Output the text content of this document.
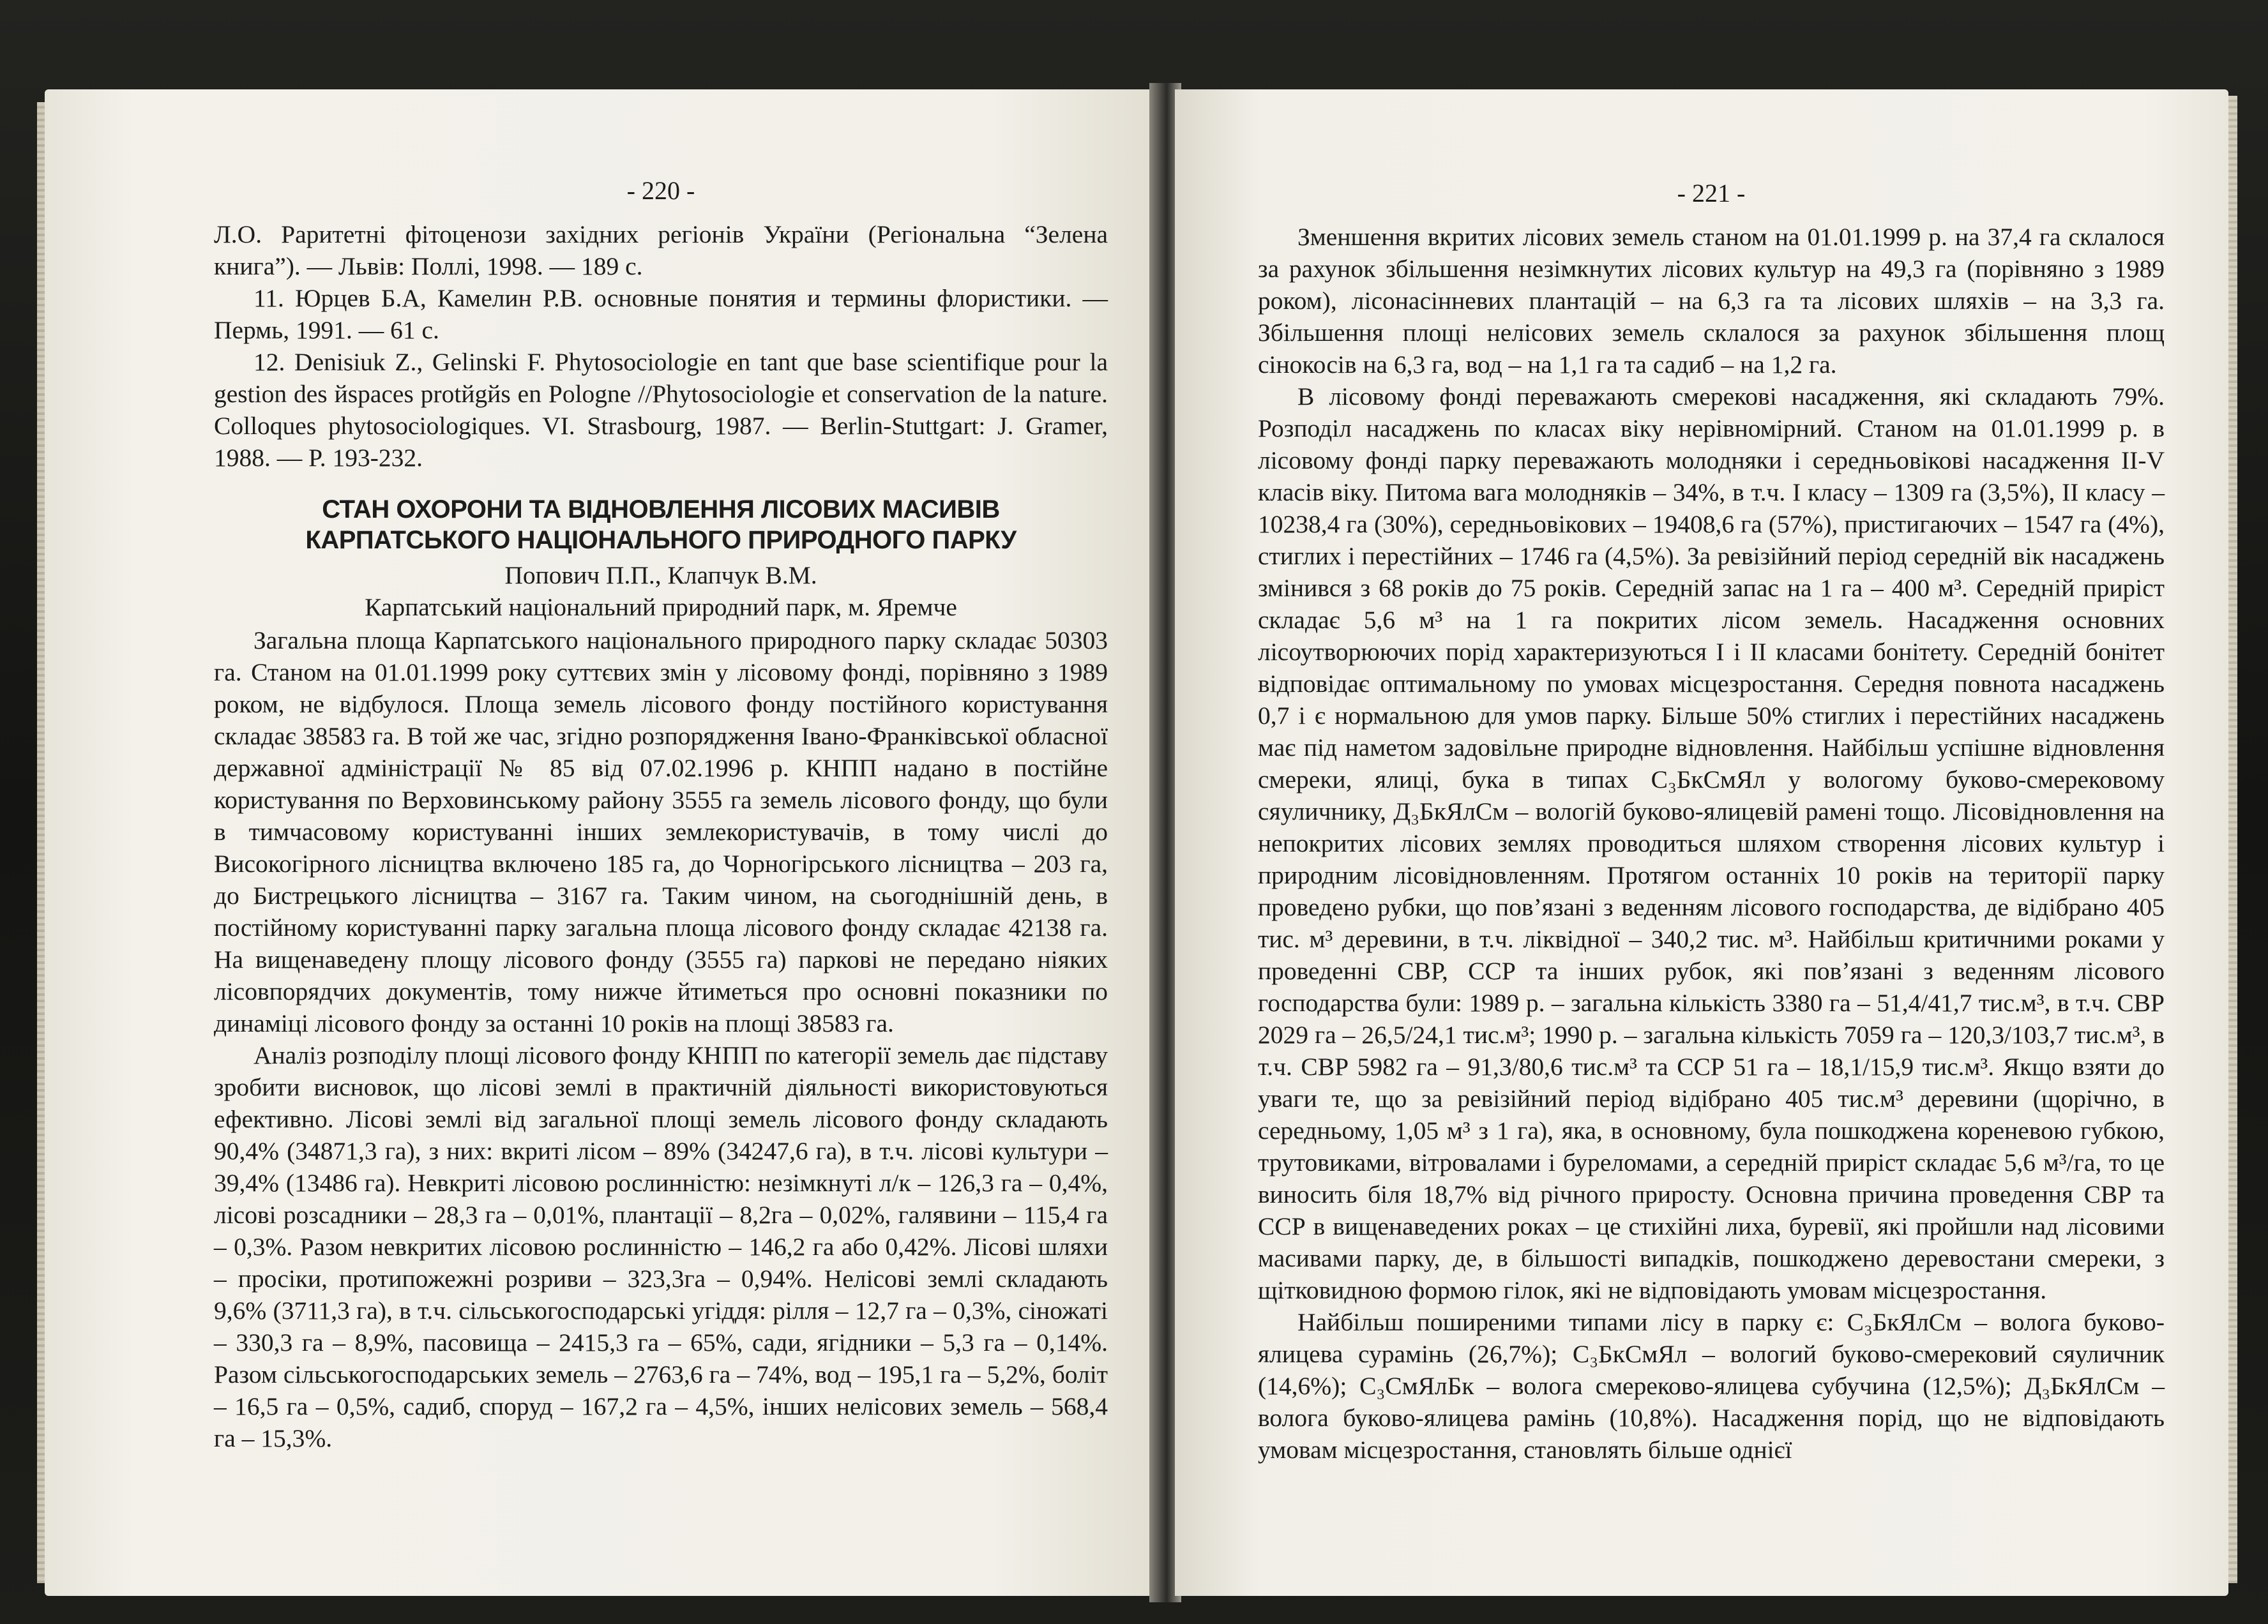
- 220 -

Л.О. Раритетні фітоценози західних регіонів України (Регіональна “Зелена книга”). — Львів: Поллі, 1998. — 189 с.

11. Юрцев Б.А, Камелин Р.В. основные понятия и термины флористики. — Пермь, 1991. — 61 с.

12. Denisiuk Z., Gelinski F. Phytosociologie en tant que base scientifique pour la gestion des йspaces protйgйs en Pologne //Phytosociologie et conservation de la nature. Colloques phytosociologiques. VI. Strasbourg, 1987. — Berlin-Stuttgart: J. Gramer, 1988. — P. 193-232.

СТАН ОХОРОНИ ТА ВІДНОВЛЕННЯ ЛІСОВИХ МАСИВІВ
КАРПАТСЬКОГО НАЦІОНАЛЬНОГО ПРИРОДНОГО ПАРКУ

Попович П.П., Клапчук В.М.

Карпатський національний природний парк, м. Яремче

Загальна площа Карпатського національного природного парку складає 50303 га. Станом на 01.01.1999 року суттєвих змін у лісовому фонді, порівняно з 1989 роком, не відбулося. Площа земель лісового фонду постійного користування складає 38583 га. В той же час, згідно розпорядження Івано-Франківської обласної державної адміністрації № 85 від 07.02.1996 р. КНПП надано в постійне користування по Верховинському району 3555 га земель лісового фонду, що були в тимчасовому користуванні інших землекористувачів, в тому числі до Високогірного лісництва включено 185 га, до Чорногірського лісництва – 203 га, до Бистрецького лісництва – 3167 га. Таким чином, на сьогоднішній день, в постійному користуванні парку загальна площа лісового фонду складає 42138 га. На вищенаведену площу лісового фонду (3555 га) паркові не передано ніяких лісовпорядчих документів, тому нижче йтиметься про основні показники по динаміці лісового фонду за останні 10 років на площі 38583 га.

Аналіз розподілу площі лісового фонду КНПП по категорії земель дає підставу зробити висновок, що лісові землі в практичній діяльності використовуються ефективно. Лісові землі від загальної площі земель лісового фонду складають 90,4% (34871,3 га), з них: вкриті лісом – 89% (34247,6 га), в т.ч. лісові культури – 39,4% (13486 га). Невкриті лісовою рослинністю: незімкнуті л/к – 126,3 га – 0,4%, лісові розсадники – 28,3 га – 0,01%, плантації – 8,2га – 0,02%, галявини – 115,4 га – 0,3%. Разом невкритих лісовою рослинністю – 146,2 га або 0,42%. Лісові шляхи – просіки, протипожежні розриви – 323,3га – 0,94%. Нелісові землі складають 9,6% (3711,3 га), в т.ч. сільськогосподарські угіддя: рілля – 12,7 га – 0,3%, сіножаті – 330,3 га – 8,9%, пасовища – 2415,3 га – 65%, сади, ягідники – 5,3 га – 0,14%. Разом сільськогосподарських земель – 2763,6 га – 74%, вод – 195,1 га – 5,2%, боліт – 16,5 га – 0,5%, садиб, споруд – 167,2 га – 4,5%, інших нелісових земель – 568,4 га – 15,3%.

- 221 -

Зменшення вкритих лісових земель станом на 01.01.1999 р. на 37,4 га склалося за рахунок збільшення незімкнутих лісових культур на 49,3 га (порівняно з 1989 роком), лісонасінневих плантацій – на 6,3 га та лісових шляхів – на 3,3 га. Збільшення площі нелісових земель склалося за рахунок збільшення площ сінокосів на 6,3 га, вод – на 1,1 га та садиб – на 1,2 га.

В лісовому фонді переважають смерекові насадження, які складають 79%. Розподіл насаджень по класах віку нерівномірний. Станом на 01.01.1999 р. в лісовому фонді парку переважають молодняки і середньовікові насадження II-V класів віку. Питома вага молодняків – 34%, в т.ч. I класу – 1309 га (3,5%), II класу – 10238,4 га (30%), середньовікових – 19408,6 га (57%), пристигаючих – 1547 га (4%), стиглих і перестійних – 1746 га (4,5%). За ревізійний період середній вік насаджень змінився з 68 років до 75 років. Середній запас на 1 га – 400 м³. Середній приріст складає 5,6 м³ на 1 га покритих лісом земель. Насадження основних лісоутворюючих порід характеризуються I і II класами бонітету. Середній бонітет відповідає оптимальному по умовах місцезростання. Середня повнота насаджень 0,7 і є нормальною для умов парку. Більше 50% стиглих і перестійних насаджень має під наметом задовільне природне відновлення. Найбільш успішне відновлення смереки, ялиці, бука в типах С₃БкСмЯл у вологому буково-смерековому сяуличнику, Д₃БкЯлСм – вологій буково-ялицевій рамені тощо. Лісовідновлення на непокритих лісових землях проводиться шляхом створення лісових культур і природним лісовідновленням. Протягом останніх 10 років на території парку проведено рубки, що пов’язані з веденням лісового господарства, де відібрано 405 тис. м³ деревини, в т.ч. ліквідної – 340,2 тис. м³. Найбільш критичними роками у проведенні СВР, ССР та інших рубок, які пов’язані з веденням лісового господарства були: 1989 р. – загальна кількість 3380 га – 51,4/41,7 тис.м³, в т.ч. СВР 2029 га – 26,5/24,1 тис.м³; 1990 р. – загальна кількість 7059 га – 120,3/103,7 тис.м³, в т.ч. СВР 5982 га – 91,3/80,6 тис.м³ та ССР 51 га – 18,1/15,9 тис.м³. Якщо взяти до уваги те, що за ревізійний період відібрано 405 тис.м³ деревини (щорічно, в середньому, 1,05 м³ з 1 га), яка, в основному, була пошкоджена кореневою губкою, трутовиками, вітровалами і буреломами, а середній приріст складає 5,6 м³/га, то це виносить біля 18,7% від річного приросту. Основна причина проведення СВР та ССР в вищенаведених роках – це стихійні лиха, буревії, які пройшли над лісовими масивами парку, де, в більшості випадків, пошкоджено деревостани смереки, з щітковидною формою гілок, які не відповідають умовам місцезростання.

Найбільш поширеними типами лісу в парку є: С₃БкЯлСм – волога буково-ялицева сурамінь (26,7%); С₃БкСмЯл – вологий буково-смерековий сяуличник (14,6%); С₃СмЯлБк – волога смереково-ялицева субучина (12,5%); Д₃БкЯлСм – волога буково-ялицева рамінь (10,8%). Насадження порід, що не відповідають умовам місцезростання, становлять більше однієї
